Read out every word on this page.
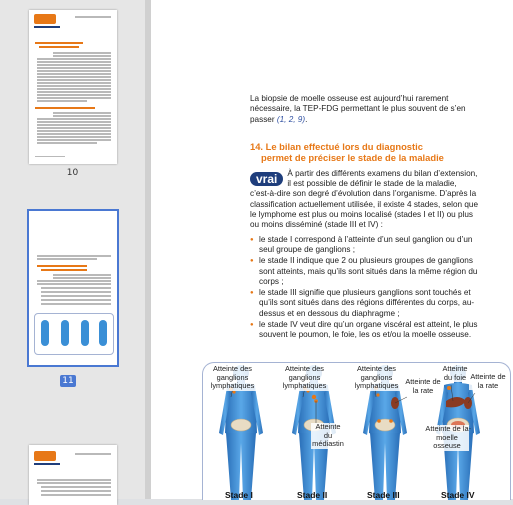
10
11
La biopsie de moelle osseuse est aujourd’hui rarement nécessaire, la TEP-FDG permettant le plus souvent de s’en passer (1, 2, 9).
14. Le bilan effectué lors du diagnostic
permet de préciser le stade de la maladie
vrai	À partir des différents examens du bilan d’extension, il est possible de définir le stade de la maladie, c’est-à-dire son degré d’évolution dans l’organisme. D’après la classification actuellement utilisée, il existe 4 stades, selon que le lymphome est plus ou moins localisé (stades I et II) ou plus ou moins disséminé (stade III et IV) :
● le stade I correspond à l’atteinte d’un seul ganglion ou d’un seul groupe de ganglions ;
● le stade II indique que 2 ou plusieurs groupes de ganglions sont atteints, mais qu’ils sont situés dans la même région du corps ;
● le stade III signifie que plusieurs ganglions sont touchés et qu’ils sont situés dans des régions différentes du corps, au-dessus et en dessous du diaphragme ;
● le stade IV veut dire qu’un organe viscéral est atteint, le plus souvent le poumon, le foie, les os et/ou la moelle osseuse.
Atteinte des ganglions lymphatiques
Atteinte des ganglions lymphatiques
Atteinte du médiastin
Atteinte des ganglions lymphatiques Atteinte de la rate
Atteinte du foie Atteinte de la rate
Atteinte de la moelle osseuse
Stade I	Stade II	Stade III	Stade IV
